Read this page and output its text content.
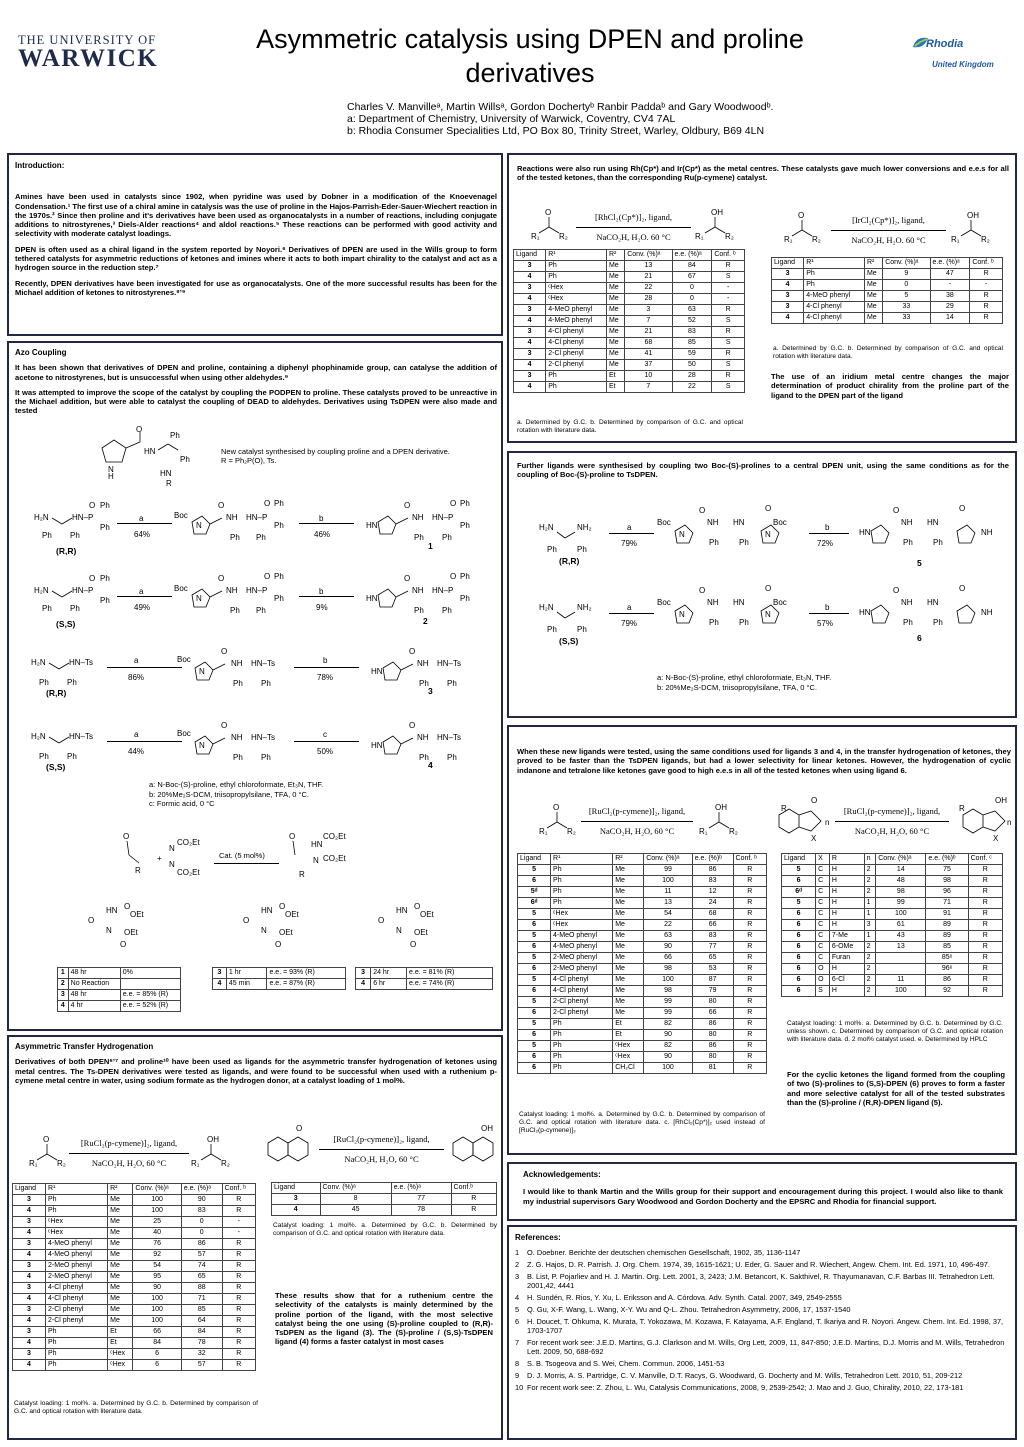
THE UNIVERSITY OF
WARWICK
Asymmetric catalysis using DPEN and proline
derivatives
Rhodia
United Kingdom
Charles V. Manvilleᵃ, Martin Willsᵃ, Gordon Dochertyᵇ Ranbir Paddaᵇ and Gary Woodwoodᵇ.
a: Department of Chemistry, University of Warwick, Coventry, CV4 7AL
b: Rhodia Consumer Specialities Ltd, PO Box 80, Trinity Street, Warley, Oldbury, B69 4LN
Introduction:
Amines have been used in catalysts since 1902, when pyridine was used by Dobner in a modification of the Knoevenagel Condensation.¹ The first use of a chiral amine in catalysis was the use of proline in the Hajos-Parrish-Eder-Sauer-Wiechert reaction in the 1970s.² Since then proline and it's derivatives have been used as organocatalysts in a number of reactions, including conjugate additions to nitrostyrenes,³ Diels-Alder reactions⁴ and aldol reactions.⁵ These reactions can be performed with good activity and selectivity with moderate catalyst loadings.
DPEN is often used as a chiral ligand in the system reported by Noyori.⁶ Derivatives of DPEN are used in the Wills group to form tethered catalysts for asymmetric reductions of ketones and imines where it acts to both impart chirality to the catalyst and act as a hydrogen source in the reduction step.⁷
Recently, DPEN derivatives have been investigated for use as organocatalysts. One of the more successful results has been for the Michael addition of ketones to nitrostyrenes.⁸ʼ⁹
Azo Coupling
It has been shown that derivatives of DPEN and proline, containing a diphenyl phophinamide group, can catalyse the addition of acetone to nitrostyrenes, but is unsuccessful when using other aldehydes.⁹
It was attempted to improve the scope of the catalyst by coupling the PODPEN to proline. These catalysts proved to be unreactive in the Michael addition, but were able to catalyst the coupling of DEAD to aldehydes. Derivatives using TsDPEN were also made and tested
N
H
O
HN
Ph
Ph
HN
R
New catalyst synthesised by coupling proline and a DPEN derivative. R = Ph₂P(O), Ts.
H₂N	HN–P
O Ph
Ph
Ph Ph
(R,R)
a
64%
Boc
N
O
NH HN–P
O Ph
Ph
Ph Ph
b
46%
HN
O
NH HN–P
O Ph
Ph
Ph Ph
1
H₂N	HN–P
O Ph
Ph
Ph Ph
(S,S)
a
49%
Boc
N
O
NH HN–P
O Ph
Ph
Ph Ph
b
9%
HN
O
NH HN–P
O Ph
Ph
Ph Ph
2
H₂N	HN–Ts
Ph Ph
(R,R)
a
86%
Boc
N
O
NH HN–Ts
Ph Ph
b
78%
HN
O
NH HN–Ts
Ph Ph
3
H₂N	HN–Ts
Ph Ph
(S,S)
a
44%
Boc
N
O
NH HN–Ts
Ph Ph
c
50%
HN
O
NH HN–Ts
Ph Ph
4
a: N-Boc-(S)-proline, ethyl chloroformate, Et₃N, THF.
b: 20%Me₂S-DCM, triisopropylsilane, TFA, 0 °C.
c: Formic acid, 0 °C
O
R
+
N
N
CO₂Et
CO₂Et
Cat. (5 mol%)
O
HN
CO₂Et
N CO₂Et
R
HN O
OEt
O
N OEt
O
HN O
OEt
O
N OEt
O
HN O
OEt
O
N OEt
O
1	48 hr	0%
2	No Reaction	
3	48 hr	e.e. = 85% (R)
4	4 hr	e.e. = 52% (R)
3	1 hr	e.e. = 93% (R)
4	45 min	e.e. = 87% (R)
3	24 hr	e.e. = 81% (R)
4	6 hr	e.e. = 74% (R)
Asymmetric Transfer Hydrogenation
Derivatives of both DPEN⁶ʼ⁷ and proline¹⁰ have been used as ligands for the asymmetric transfer hydrogenation of ketones using metal centres. The Ts-DPEN derivatives were tested as ligands, and were found to be successful when used with a ruthenium p-cymene metal centre in water, using sodium formate as the hydrogen donor, at a catalyst loading of 1 mol%.
O
R₁ R₂
[RuCl₂(p-cymene)]₂, ligand,
NaCO₂H, H₂O, 60 °C
OH
R₁	R₂
Ligand	R¹	R²	Conv. (%)ᵃ	e.e. (%)ᵃ	Conf. ᵇ
3	Ph	Me	100	90	R
4	Ph	Me	100	83	R
3	ᶜHex	Me	25	0	-
4	ᶜHex	Me	40	0	-
3	4-MeO phenyl	Me	76	86	R
4	4-MeO phenyl	Me	92	57	R
3	2-MeO phenyl	Me	54	74	R
4	2-MeO phenyl	Me	95	65	R
3	4-Cl phenyl	Me	90	88	R
4	4-Cl phenyl	Me	100	71	R
3	2-Cl phenyl	Me	100	85	R
4	2-Cl phenyl	Me	100	64	R
3	Ph	Et	66	84	R
4	Ph	Et	84	78	R
3	Ph	ᶜHex	6	32	R
4	Ph	ᶜHex	6	57	R
Catalyst loading: 1 mol%. a. Determined by G.C. b. Determined by comparison of G.C. and optical rotation with literature data.
O
[RuCl₂(p-cymene)]₂, ligand,
NaCO₂H, H₂O, 60 °C
OH
Ligand	Conv. (%)ᵃ	e.e. (%)ᵃ	Conf.ᵇ
3	8	77	R
4	45	78	R
Catalyst loading: 1 mol%. a. Determined by G.C. b. Determined by comparison of G.C. and optical rotation with literature data.
These results show that for a ruthenium centre the selectivity of the catalysts is mainly determined by the proline portion of the ligand, with the most selective catalyst being the one using (S)-proline coupled to (R,R)-TsDPEN as the ligand (3). The (S)-proline / (S,S)-TsDPEN ligand (4) forms a faster catalyst in most cases
Reactions were also run using Rh(Cp*) and Ir(Cp*) as the metal centres. These catalysts gave much lower conversions and e.e.s for all of the tested ketones, than the corresponding Ru(p-cymene) catalyst.
O
R₁ R₂
[RhCl₂(Cp*)]₂, ligand,
NaCO₂H, H₂O. 60 °C
OH
R₁	R₂
O
R₁ R₂
[IrCl₂(Cp*)]₂, ligand,
NaCO₂H, H₂O. 60 °C
OH
R₁	R₂
Ligand	R¹	R²	Conv. (%)ᵃ	e.e. (%)ᵃ	Conf. ᵇ
3	Ph	Me	13	84	R
4	Ph	Me	21	67	S
3	ᶜHex	Me	22	0	-
4	ᶜHex	Me	28	0	-
3	4-MeO phenyl	Me	3	63	R
4	4-MeO phenyl	Me	7	52	S
3	4-Cl phenyl	Me	21	83	R
4	4-Cl phenyl	Me	68	85	S
3	2-Cl phenyl	Me	41	59	R
4	2-Cl phenyl	Me	37	50	S
3	Ph	Et	10	28	R
4	Ph	Et	7	22	S
a. Determined by G.C. b. Determined by comparison of G.C. and optical rotation with literature data.
Ligand	R¹	R²	Conv. (%)ᵃ	e.e. (%)ᵃ	Conf. ᵇ
3	Ph	Me	9	47	R
4	Ph	Me	0	-	-
3	4-MeO phenyl	Me	5	38	R
3	4-Cl phenyl	Me	33	29	R
4	4-Cl phenyl	Me	33	14	R
a. Determined by G.C. b. Determined by comparison of G.C. and optical rotation with literature data.
The use of an iridium metal centre changes the major determination of product chirality from the proline part of the ligand to the DPEN part of the ligand
Further ligands were synthesised by coupling two Boc-(S)-prolines to a central DPEN unit, using the same conditions as for the coupling of Boc-(S)-proline to TsDPEN.
H₂N	NH₂
Ph	Ph
(R,R)
a
79%
Boc
N
O
NH HN
O
Boc
N
Ph	Ph
b
72%
HN
O
NH HN
O
NH
Ph	Ph
5
H₂N	NH₂
Ph	Ph
(S,S)
a
79%
Boc
N
O
NH HN
O
Boc
N
Ph	Ph
b
57%
HN
O
NH HN
O
NH
Ph	Ph
6
a: N-Boc-(S)-proline, ethyl chloroformate, Et₃N, THF.
b: 20%Me₂S-DCM, triisopropylsilane, TFA, 0 °C.
When these new ligands were tested, using the same conditions used for ligands 3 and 4, in the transfer hydrogenation of ketones, they proved to be faster than the TsDPEN ligands, but had a lower selectivity for linear ketones. However, the hydrogenation of cyclic indanone and tetralone like ketones gave good to high e.e.s in all of the tested ketones when using ligand 6.
O
R₁ R₂
[RuCl₂(p-cymene)]₂, ligand,
NaCO₂H, H₂O, 60 °C
OH
R₁	R₂
R
O
X
n
[RuCl₂(p-cymene)]₂, ligand,
NaCO₂H, H₂O, 60 °C
R
OH
X
n
Ligand	R¹	R²	Conv. (%)ᵃ	e.e. (%)ᵇ	Conf. ᵇ
5	Ph	Me	99	86	R
6	Ph	Me	100	83	R
5ᵈ	Ph	Me	11	12	R
6ᵈ	Ph	Me	13	24	R
5	ᶜHex	Me	54	68	R
6	ᶜHex	Me	22	66	R
5	4-MeO phenyl	Me	63	83	R
6	4-MeO phenyl	Me	90	77	R
5	2-MeO phenyl	Me	66	65	R
6	2-MeO phenyl	Me	98	53	R
5	4-Cl phenyl	Me	100	87	R
6	4-Cl phenyl	Me	98	79	R
5	2-Cl phenyl	Me	99	80	R
6	2-Cl phenyl	Me	99	66	R
5	Ph	Et	82	86	R
6	Ph	Et	90	80	R
5	Ph	ᶜHex	82	86	R
6	Ph	ᶜHex	90	80	R
6	Ph	CH₂Cl	100	81	R
Catalyst loading: 1 mol%. a. Determined by G.C. b. Determined by comparison of G.C. and optical rotation with literature data. c. [RhCl₂(Cp*)]₂ used instead of [RuCl₂(p-cymene)]₂
Ligand	X	R	n	Conv. (%)ᵃ	e.e. (%)ᵇ	Conf. ᶜ
5	C	H	2	14	75	R
6	C	H	2	48	98	R
6ᵈ	C	H	2	98	96	R
5	C	H	1	99	71	R
6	C	H	1	100	91	R
6	C	H	3	61	89	R
6	C	7-Me	1	43	89	R
6	C	6-OMe	2	13	85	R
6	C	Furan	2		85ᵉ	R
6	O	H	2		96ᵉ	R
6	O	6-Cl	2	11	86	R
6	S	H	2	100	92	R
Catalyst loading: 1 mol%. a. Determined by G.C. b. Determined by G.C. unless shown. c. Determined by comparison of G.C. and optical rotation with literature data. d. 2 mol% catalyst used. e. Determined by HPLC
For the cyclic ketones the ligand formed from the coupling of two (S)-prolines to (S,S)-DPEN (6) proves to form a faster and more selective catalyst for all of the tested substrates than the (S)-proline / (R,R)-DPEN ligand (5).
Acknowledgements:
I would like to thank Martin and the Wills group for their support and encouragement during this project. I would also like to thank my industrial supervisors Gary Woodwood and Gordon Docherty and the EPSRC and Rhodia for financial support.
References:
1	O. Doebner. Berichte der deutschen chemischen Gesellschaft, 1902, 35, 1136-1147
2	Z. G. Hajos, D. R. Parrish. J. Org. Chem. 1974, 39, 1615-1621; U. Eder, G. Sauer and R. Wiechert, Angew. Chem. Int. Ed. 1971, 10, 496-497.
3	B. List, P. Pojarliev and H. J. Martin. Org. Lett. 2001, 3, 2423; J.M. Betancort, K. Sakthivel, R. Thayumanavan, C.F. Barbas III. Tetrahedron Lett. 2001,42, 4441
4	H. Sundén, R. Rios, Y. Xu, L. Eriksson and A. Córdova. Adv. Synth. Catal. 2007, 349, 2549-2555
5	Q. Gu, X-F. Wang, L. Wang, X-Y. Wu and Q-L. Zhou. Tetrahedron Asymmetry, 2006, 17, 1537-1540
6	H. Doucet, T. Ohkuma, K. Murata, T. Yokozawa, M. Kozawa, F. Katayama, A.F. England, T. Ikariya and R. Noyori. Angew. Chem. Int. Ed. 1998, 37, 1703-1707
7	For recent work see: J.E.D. Martins, G.J. Clarkson and M. Wills, Org Lett, 2009, 11, 847-850; J.E.D. Martins, D.J. Morris and M. Wills, Tetrahedron Lett. 2009, 50, 688-692
8	S. B. Tsogeova and S. Wei, Chem. Commun. 2006, 1451-53
9	D. J. Morris, A. S. Partridge, C. V. Manville, D.T. Racys, G. Woodward, G. Docherty and M. Wills, Tetrahedron Lett. 2010, 51, 209-212
10 For recent work see: Z. Zhou, L. Wu, Catalysis Communications, 2008, 9, 2539-2542; J. Mao and J. Guo, Chirality, 2010, 22, 173-181
